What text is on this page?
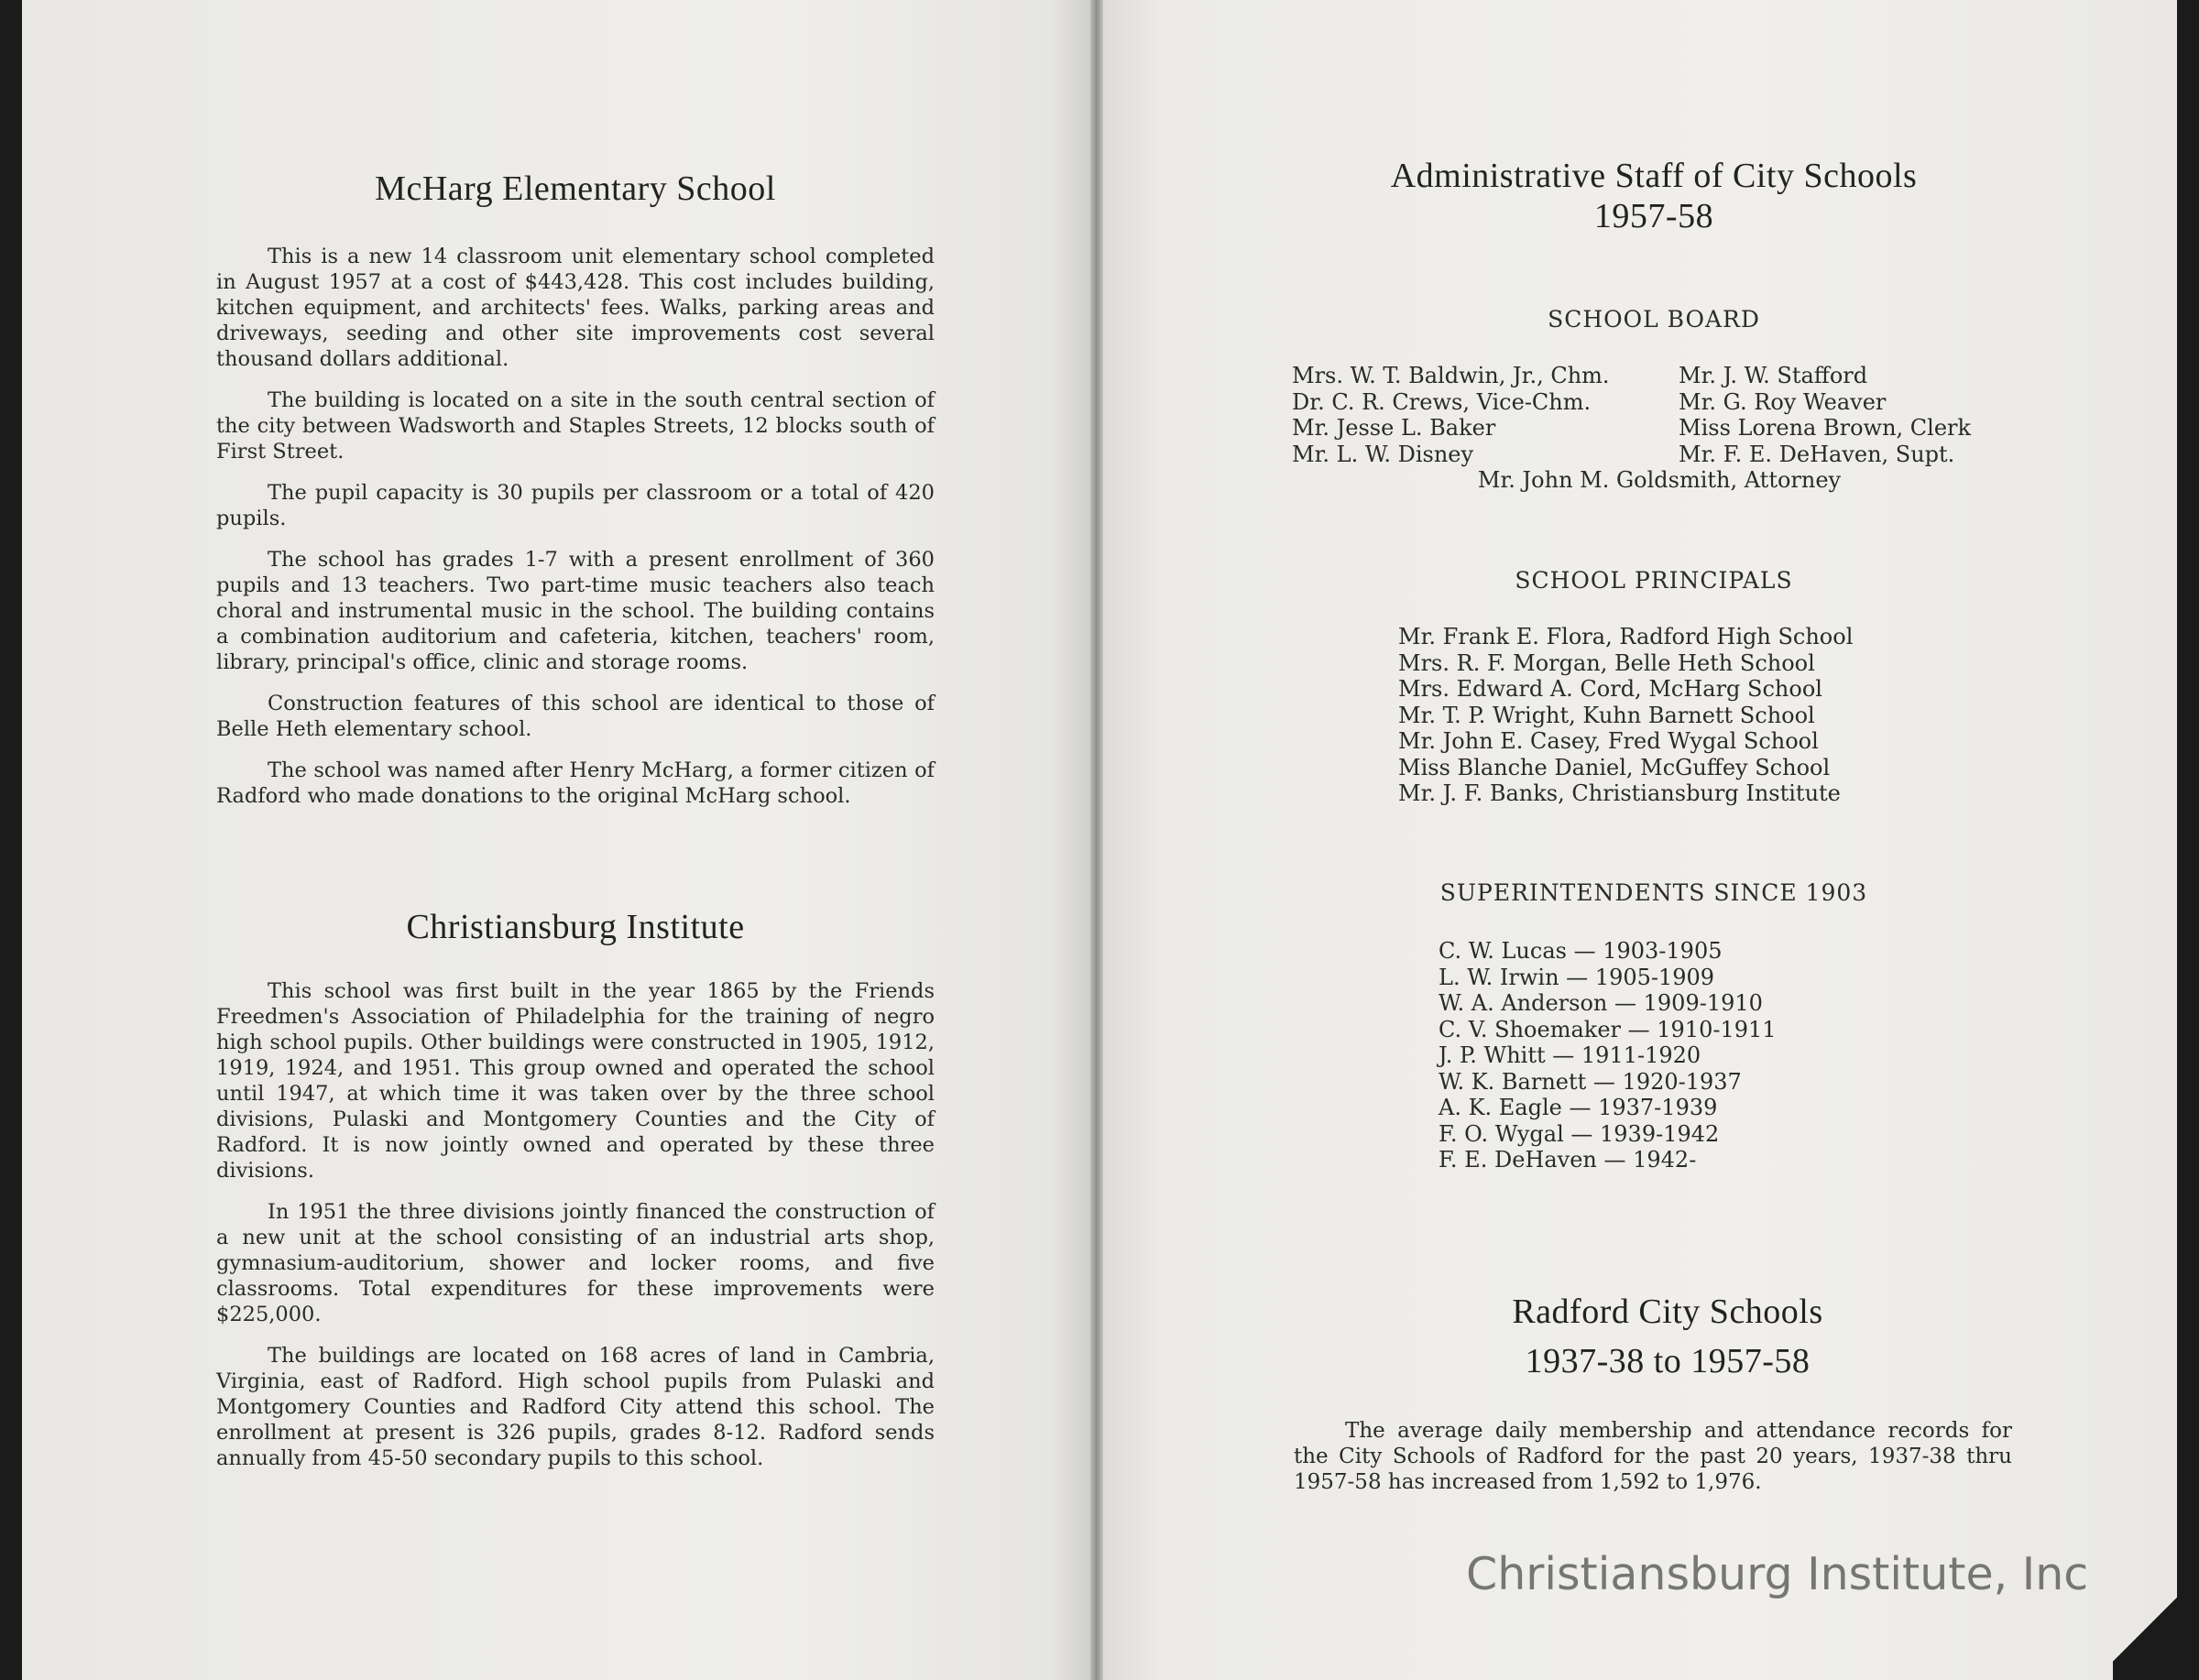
McHarg Elementary School

This is a new 14 classroom unit elementary school completed in August 1957 at a cost of $443,428. This cost includes building, kitchen equipment, and architects' fees. Walks, parking areas and driveways, seeding and other site improvements cost several thousand dollars additional.

The building is located on a site in the south central section of the city between Wadsworth and Staples Streets, 12 blocks south of First Street.

The pupil capacity is 30 pupils per classroom or a total of 420 pupils.

The school has grades 1-7 with a present enrollment of 360 pupils and 13 teachers. Two part-time music teachers also teach choral and instrumental music in the school. The building contains a combination auditorium and cafeteria, kitchen, teachers' room, library, principal's office, clinic and storage rooms.

Construction features of this school are identical to those of Belle Heth elementary school.

The school was named after Henry McHarg, a former citizen of Radford who made donations to the original McHarg school.

Christiansburg Institute

This school was first built in the year 1865 by the Friends Freedmen's Association of Philadelphia for the training of negro high school pupils. Other buildings were constructed in 1905, 1912, 1919, 1924, and 1951. This group owned and operated the school until 1947, at which time it was taken over by the three school divisions, Pulaski and Montgomery Counties and the City of Radford. It is now jointly owned and operated by these three divisions.

In 1951 the three divisions jointly financed the construction of a new unit at the school consisting of an industrial arts shop, gymnasium-auditorium, shower and locker rooms, and five classrooms. Total expenditures for these improvements were $225,000.

The buildings are located on 168 acres of land in Cambria, Virginia, east of Radford. High school pupils from Pulaski and Montgomery Counties and Radford City attend this school. The enrollment at present is 326 pupils, grades 8-12. Radford sends annually from 45-50 secondary pupils to this school.

Administrative Staff of City Schools
1957-58
SCHOOL BOARD
Mrs. W. T. Baldwin, Jr., Chm.	Mr. J. W. Stafford
Dr. C. R. Crews, Vice-Chm.	Mr. G. Roy Weaver
Mr. Jesse L. Baker	Miss Lorena Brown, Clerk
Mr. L. W. Disney	Mr. F. E. DeHaven, Supt.
Mr. John M. Goldsmith, Attorney
SCHOOL PRINCIPALS
Mr. Frank E. Flora, Radford High School
Mrs. R. F. Morgan, Belle Heth School
Mrs. Edward A. Cord, McHarg School
Mr. T. P. Wright, Kuhn Barnett School
Mr. John E. Casey, Fred Wygal School
Miss Blanche Daniel, McGuffey School
Mr. J. F. Banks, Christiansburg Institute
SUPERINTENDENTS SINCE 1903
C. W. Lucas — 1903-1905
L. W. Irwin — 1905-1909
W. A. Anderson — 1909-1910
C. V. Shoemaker — 1910-1911
J. P. Whitt — 1911-1920
W. K. Barnett — 1920-1937
A. K. Eagle — 1937-1939
F. O. Wygal — 1939-1942
F. E. DeHaven — 1942-
Radford City Schools
1937-38 to 1957-58

The average daily membership and attendance records for the City Schools of Radford for the past 20 years, 1937-38 thru 1957-58 has increased from 1,592 to 1,976.

Christiansburg Institute, Inc
